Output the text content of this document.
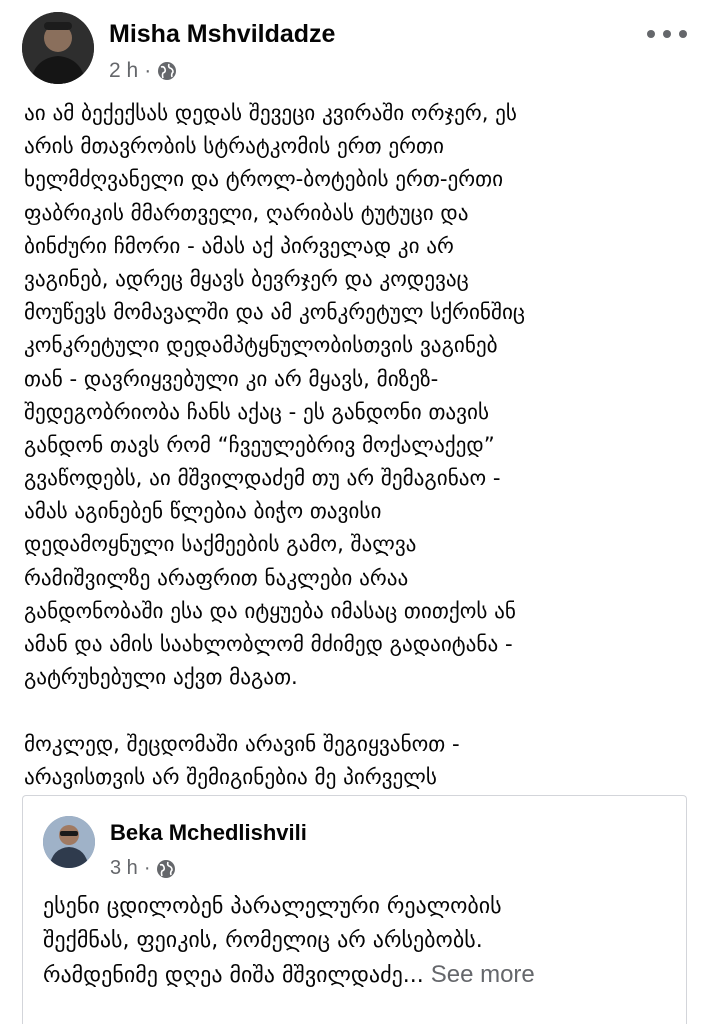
Misha Mshvildadze
2 h ·
აი ამ ბექექსას დედას შევეცი კვირაში ორჯერ, ეს
არის მთავრობის სტრატკომის ერთ ერთი
ხელმძღვანელი და ტროლ-ბოტების ერთ-ერთი
ფაბრიკის მმართველი, ღარიბას ტუტუცი და
ბინძური ჩმორი - ამას აქ პირველად კი არ
ვაგინებ, ადრეც მყავს ბევრჯერ და კოდევაც
მოუწევს მომავალში და ამ კონკრეტულ სქრინშიც
კონკრეტული დედამპტყნულობისთვის ვაგინებ
თან - დავრიყვებული კი არ მყავს, მიზეზ-
შედეგობრიობა ჩანს აქაც - ეს განდონი თავის
განდონ თავს რომ “ჩვეულებრივ მოქალაქედ”
გვაწოდებს, აი მშვილდაძემ თუ არ შემაგინაო -
ამას აგინებენ წლებია ბიჭო თავისი
დედამოყნული საქმეების გამო, შალვა
რამიშვილზე არაფრით ნაკლები არაა
განდონობაში ესა და იტყუება იმასაც თითქოს ან
ამან და ამის საახლობლომ მძიმედ გადაიტანა -
გატრუხებული აქვთ მაგათ.
მოკლედ, შეცდომაში არავინ შეგიყვანოთ -
არავისთვის არ შემიგინებია მე პირველს
Beka Mchedlishvili
3 h ·
ესენი ცდილობენ პარალელური რეალობის
შექმნას, ფეიკის, რომელიც არ არსებობს.
რამდენიმე დღეა მიშა მშვილდაძე... See more
